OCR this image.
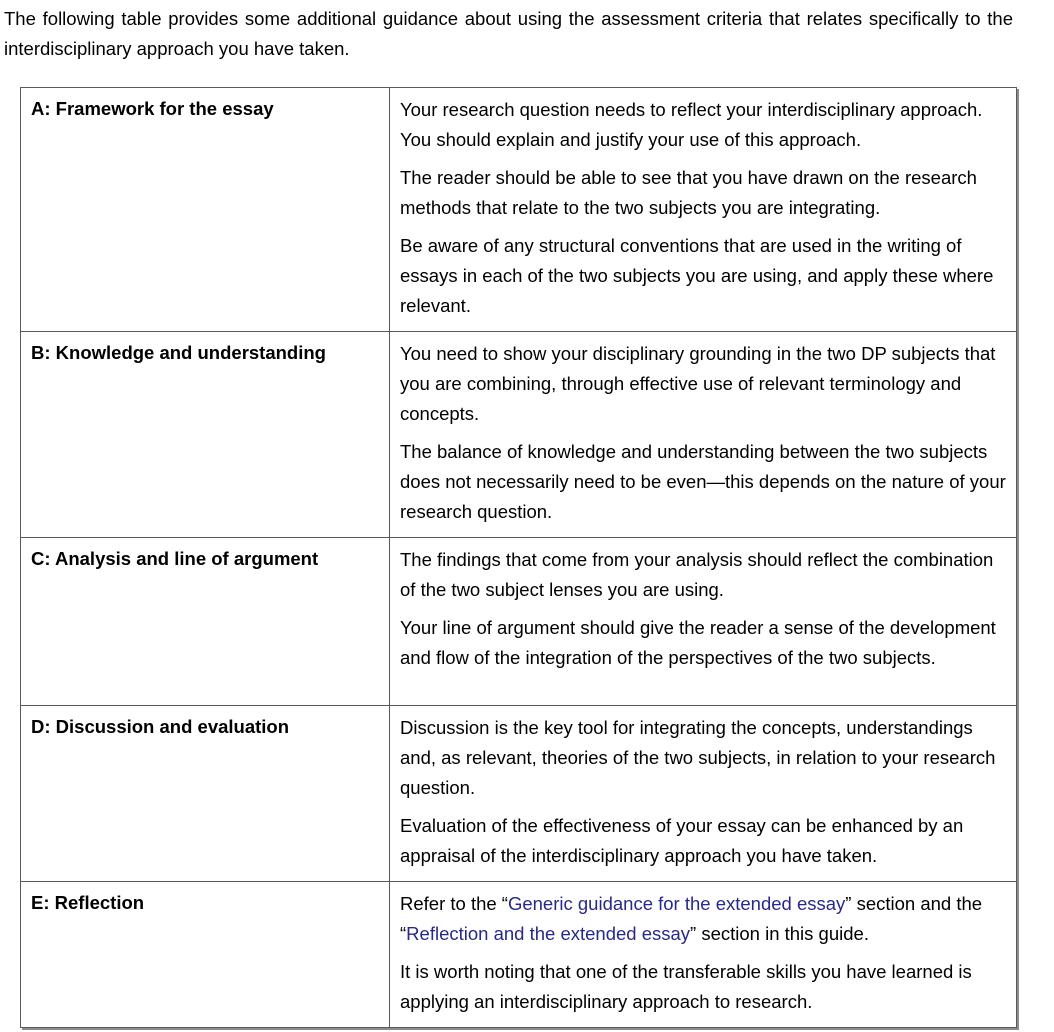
The following table provides some additional guidance about using the assessment criteria that relates specifically to the interdisciplinary approach you have taken.

A: Framework for the essay	Your research question needs to reflect your interdisciplinary approach. You should explain and justify your use of this approach.

The reader should be able to see that you have drawn on the research methods that relate to the two subjects you are integrating.

Be aware of any structural conventions that are used in the writing of essays in each of the two subjects you are using, and apply these where relevant.

B: Knowledge and understanding	You need to show your disciplinary grounding in the two DP subjects that you are combining, through effective use of relevant terminology and concepts.

The balance of knowledge and understanding between the two subjects does not necessarily need to be even—this depends on the nature of your research question.

C: Analysis and line of argument	The findings that come from your analysis should reflect the combination of the two subject lenses you are using.

Your line of argument should give the reader a sense of the development and flow of the integration of the perspectives of the two subjects.

D: Discussion and evaluation	Discussion is the key tool for integrating the concepts, understandings and, as relevant, theories of the two subjects, in relation to your research question.

Evaluation of the effectiveness of your essay can be enhanced by an appraisal of the interdisciplinary approach you have taken.

E: Reflection	Refer to the “Generic guidance for the extended essay” section and the “Reflection and the extended essay” section in this guide.

It is worth noting that one of the transferable skills you have learned is applying an interdisciplinary approach to research.
